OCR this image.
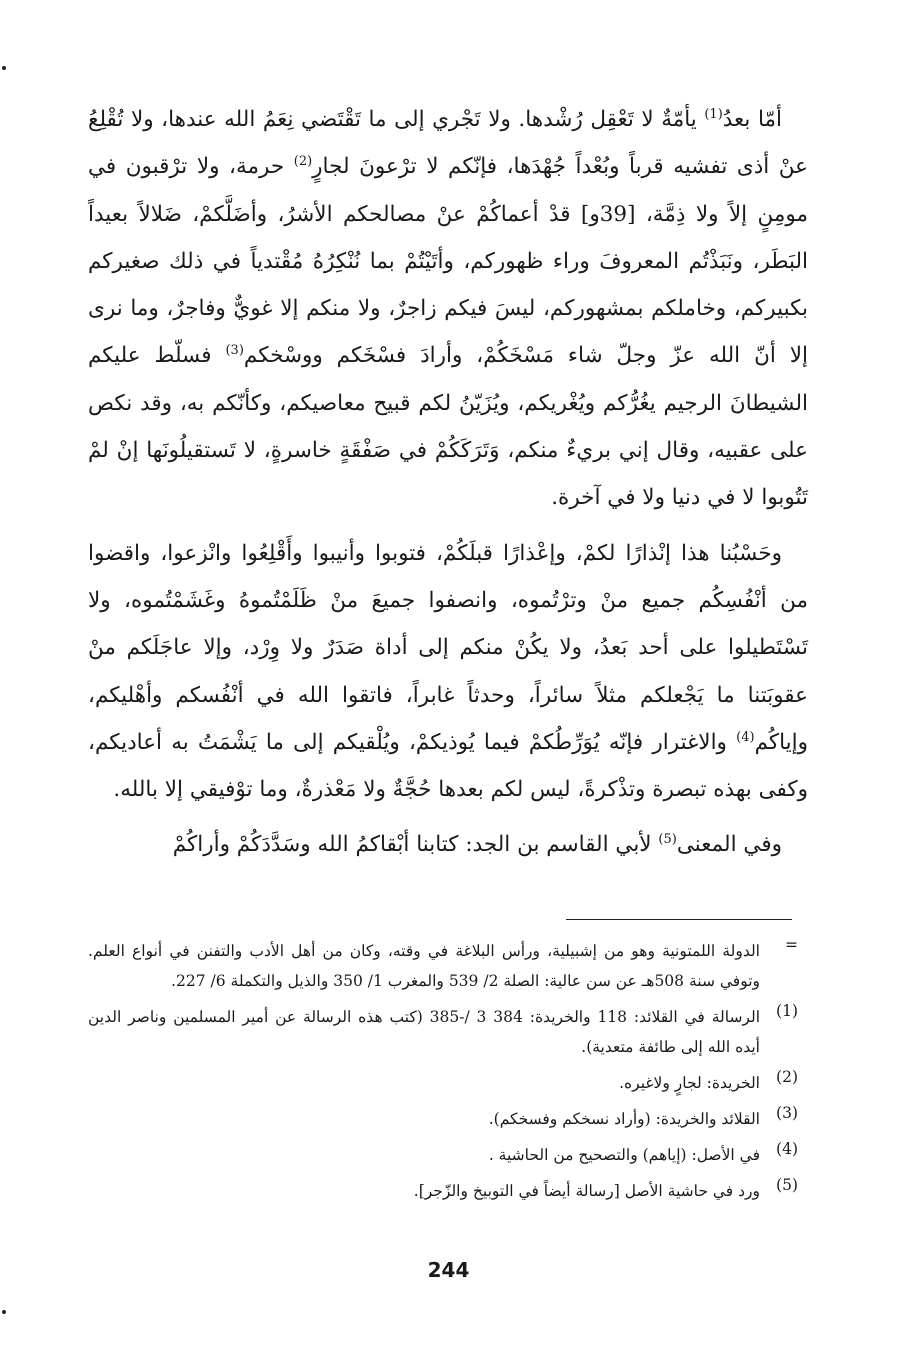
أمّا بعدُ$^{(1)}$ يأمّةٌ لا تَعْقِل رُشْدها. ولا تَجْري إلى ما تَقْتَضي نِعَمُ الله عندها، ولا تُقْلِعُ عنْ أذى تفشيه قرباً وبُعْداً جُهْدَها، فإنّكم لا ترْعونَ لجارٍ$^{(2)}$ حرمة، ولا ترْقبون في مومِنٍ إلاً ولا ذِمَّة، [39و] قدْ أعماكُمْ عنْ مصالحكم الأشرُ، وأضَلَّكمْ، ضَلالاً بعيداً البَطَر، ونَبَذْتُم المعروفَ وراء ظهوركم، وأتَيْتُمْ بما نُنْكِرُهُ مُقْتدياً في ذلك صغيركم بكبيركم، وخاملكم بمشهوركم، ليسَ فيكم زاجرٌ، ولا منكم إلا غويٌّ وفاجرٌ، وما نرى إلا أنّ الله عزّ وجلّ شاء مَسْخَكُمْ، وأرادَ فسْخَكم ووسْخكم$^{(3)}$ فسلّط عليكم الشيطانَ الرجيم يغُرُّكم ويُغْريكم، ويُزَيّنُ لكم قبيح معاصيكم، وكأنّكم به، وقد نكص على عقبيه، وقال إني بريءٌ منكم، وَتَرَكَكُمْ في صَفْقَةٍ خاسرةٍ، لا تَستقيلُونَها إنْ لمْ تَتُوبوا لا في دنيا ولا في آخرة.

وحَسْبُنا هذا إنْذارًا لكمْ، وإعْذارًا قبلَكُمْ، فتوبوا وأنيبوا وأَقْلِعُوا وانْزعوا، واقضوا من أنْفُسِكُم جميع منْ وترْتُموه، وانصفوا جميعَ منْ ظَلَمْتُموهُ وغَشَمْتُموه، ولا تَسْتَطيلوا على أحد بَعدُ، ولا يكُنْ منكم إلى أداة صَدَرٌ ولا وِرْد، وإلا عاجَلَكم منْ عقوبَتنا ما يَجْعلكم مثلاً سائراً، وحدثاً غابراً، فاتقوا الله في أنْفُسكم وأهْليكم، وإياكُم$^{(4)}$ والاغترار فإنّه يُوَرِّطُكمْ فيما يُوذيكمْ، ويُلْقيكم إلى ما يَشْمَتُ به أعاديكم، وكفى بهذه تبصرة وتذْكرةً، ليس لكم بعدها حُجَّةٌ ولا مَعْذرةٌ، وما توْفيقي إلا بالله.

وفي المعنى$^{(5)}$ لأبي القاسم بن الجد: كتابنا أبْقاكمُ الله وسَدَّدَكُمْ وأراكُمْ

=
الدولة اللمتونية وهو من إشبيلية، ورأس البلاغة في وقته، وكان من أهل الأدب والتفنن في أنواع العلم. وتوفي سنة 508هـ عن سن عالية: الصلة 2/ 539 والمغرب 1/ 350 والذيل والتكملة 6/ 227.
(1)
الرسالة في القلائد: 118 والخريدة: 384 3 /-385 (كتب هذه الرسالة عن أمير المسلمين وناصر الدين أيده الله إلى طائفة متعدية).
(2)
الخريدة: لجارٍ ولاغيره.
(3)
القلائد والخريدة: (وأراد نسخكم وفسخكم).
(4)
في الأصل: (إياهم) والتصحيح من الحاشية .
(5)
ورد في حاشية الأصل [رسالة أيضاً في التوبيخ والزّجر].
244
